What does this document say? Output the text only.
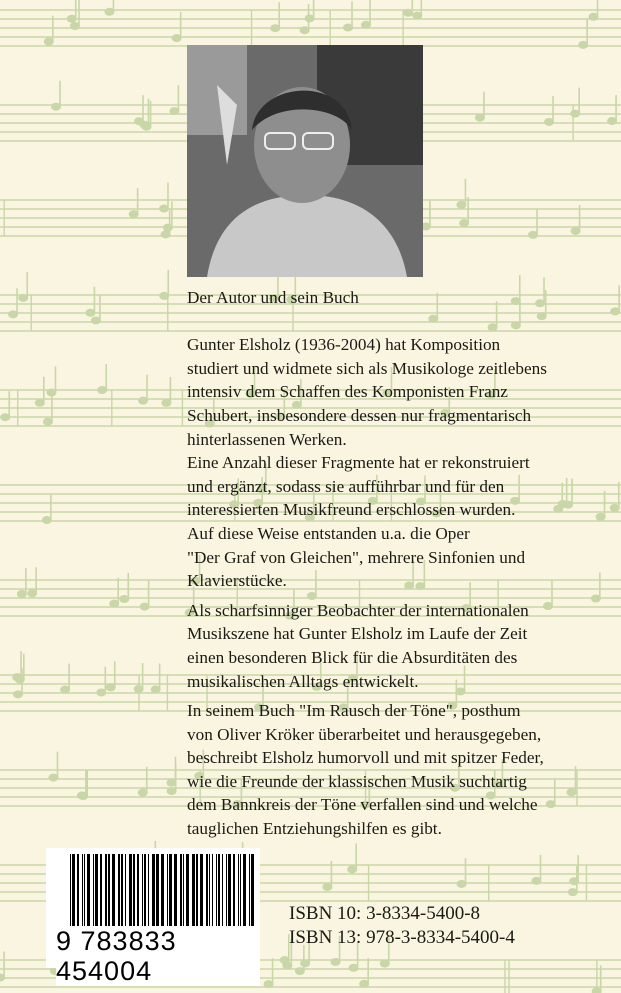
Der Autor und sein Buch

Gunter Elsholz (1936-2004) hat Komposition
studiert und widmete sich als Musikologe zeitlebens
intensiv dem Schaffen des Komponisten Franz
Schubert, insbesondere dessen nur fragmentarisch
hinterlassenen Werken.
Eine Anzahl dieser Fragmente hat er rekonstruiert
und ergänzt, sodass sie aufführbar und für den
interessierten Musikfreund erschlossen wurden.
Auf diese Weise entstanden u.a. die Oper
"Der Graf von Gleichen", mehrere Sinfonien und
Klavierstücke.

Als scharfsinniger Beobachter der internationalen
Musikszene hat Gunter Elsholz im Laufe der Zeit
einen besonderen Blick für die Absurditäten des
musikalischen Alltags entwickelt.

In seinem Buch "Im Rausch der Töne", posthum
von Oliver Kröker überarbeitet und herausgegeben,
beschreibt Elsholz humorvoll und mit spitzer Feder,
wie die Freunde der klassischen Musik suchtartig
dem Bannkreis der Töne verfallen sind und welche
tauglichen Entziehungshilfen es gibt.

9 783833 454004
ISBN 10: 3-8334-5400-8
ISBN 13: 978-3-8334-5400-4
